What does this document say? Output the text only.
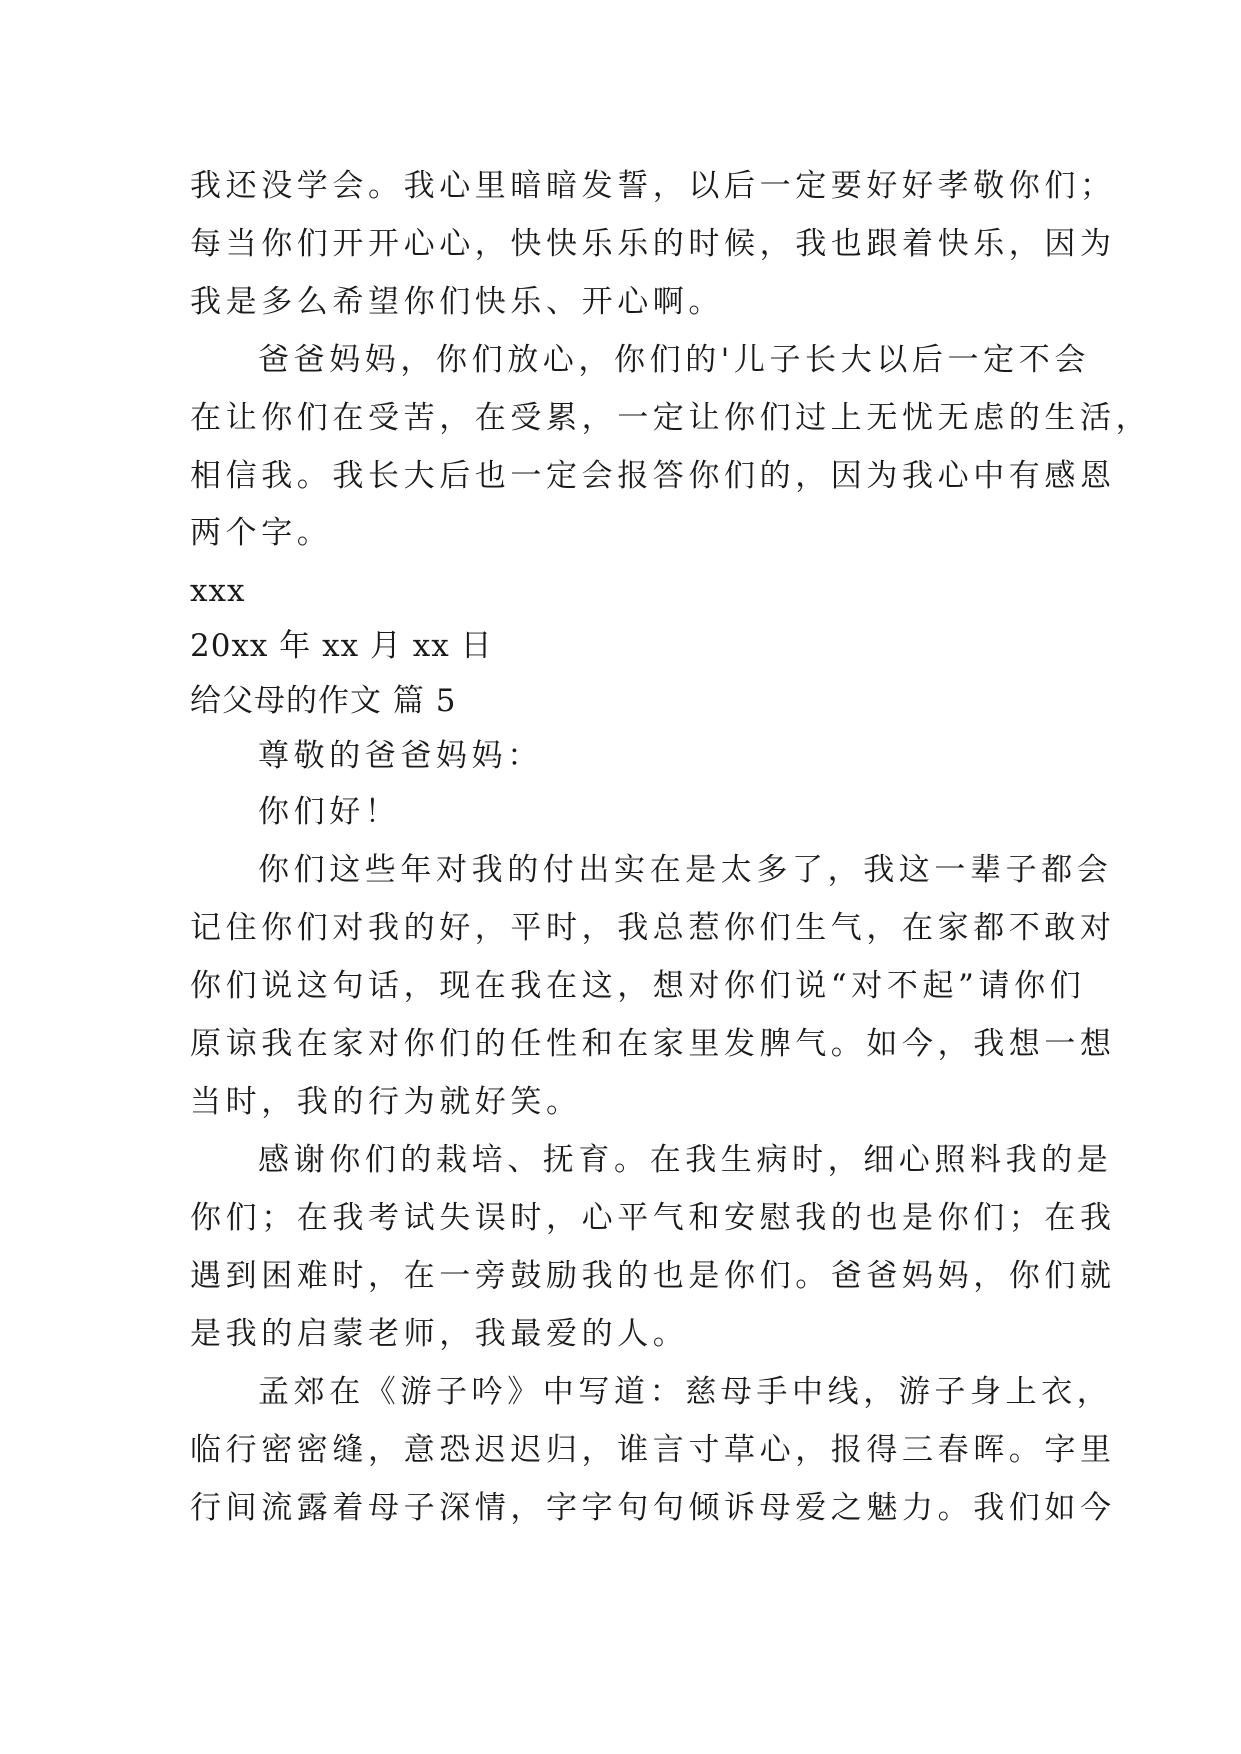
我还没学会。我心里暗暗发誓，以后一定要好好孝敬你们；
每当你们开开心心，快快乐乐的时候，我也跟着快乐，因为
我是多么希望你们快乐、开心啊。
爸爸妈妈，你们放心，你们的'儿子长大以后一定不会
在让你们在受苦，在受累，一定让你们过上无忧无虑的生活，
相信我。我长大后也一定会报答你们的，因为我心中有感恩
两个字。
xxx
20xx 年 xx 月 xx 日
给父母的作文 篇 5
尊敬的爸爸妈妈：
你们好！
你们这些年对我的付出实在是太多了，我这一辈子都会
记住你们对我的好，平时，我总惹你们生气，在家都不敢对
你们说这句话，现在我在这，想对你们说“对不起”请你们
原谅我在家对你们的任性和在家里发脾气。如今，我想一想
当时，我的行为就好笑。
感谢你们的栽培、抚育。在我生病时，细心照料我的是
你们；在我考试失误时，心平气和安慰我的也是你们；在我
遇到困难时，在一旁鼓励我的也是你们。爸爸妈妈，你们就
是我的启蒙老师，我最爱的人。
孟郊在《游子吟》中写道：慈母手中线，游子身上衣，
临行密密缝，意恐迟迟归，谁言寸草心，报得三春晖。字里
行间流露着母子深情，字字句句倾诉母爱之魅力。我们如今
